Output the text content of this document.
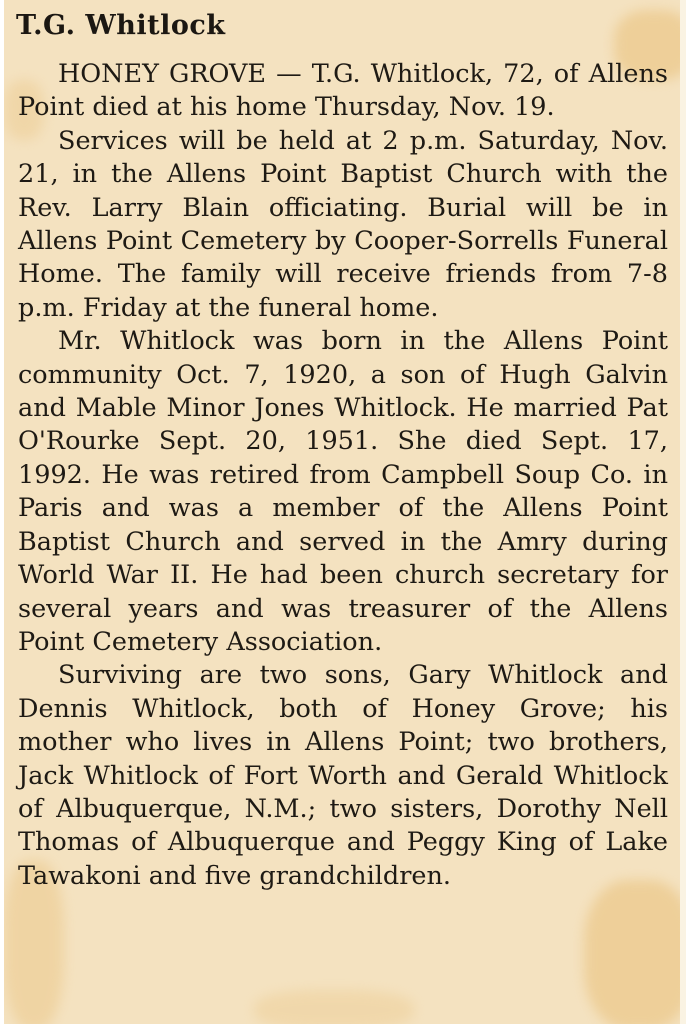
T.G. Whitlock

HONEY GROVE — T.G. Whitlock, 72, of Allens Point died at his home Thursday, Nov. 19.

Services will be held at 2 p.m. Saturday, Nov. 21, in the Allens Point Baptist Church with the Rev. Larry Blain officiating. Burial will be in Allens Point Cemetery by Cooper-Sorrells Funeral Home. The family will receive friends from 7-8 p.m. Friday at the funeral home.

Mr. Whitlock was born in the Allens Point community Oct. 7, 1920, a son of Hugh Galvin and Mable Minor Jones Whitlock. He married Pat O'Rourke Sept. 20, 1951. She died Sept. 17, 1992. He was retired from Campbell Soup Co. in Paris and was a member of the Allens Point Baptist Church and served in the Amry during World War II. He had been church secretary for several years and was treasurer of the Allens Point Cemetery Association.

Surviving are two sons, Gary Whitlock and Dennis Whitlock, both of Honey Grove; his mother who lives in Allens Point; two brothers, Jack Whitlock of Fort Worth and Gerald Whitlock of Albuquerque, N.M.; two sisters, Dorothy Nell Thomas of Albuquerque and Peggy King of Lake Tawakoni and five grandchildren.
